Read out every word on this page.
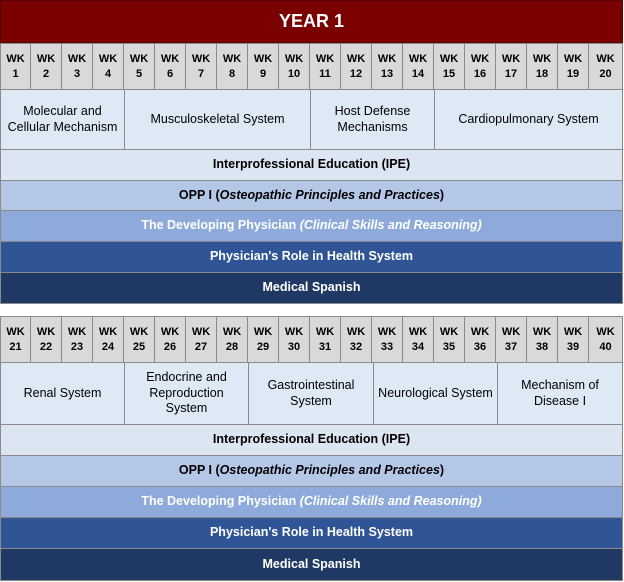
YEAR 1
Molecular and Cellular Mechanism
Musculoskeletal System
Host Defense Mechanisms
Cardiopulmonary System
Interprofessional Education (IPE)
OPP I ( Osteopathic Principles and Practices )
The Developing Physician (Clinical Skills and Reasoning)
Physician's Role in Health System
Medical Spanish
Renal System
Endocrine and Reproduction System
Gastrointestinal System
Neurological System
Mechanism of Disease I
Interprofessional Education (IPE)
OPP I ( Osteopathic Principles and Practices )
The Developing Physician (Clinical Skills and Reasoning)
Physician's Role in Health System
Medical Spanish
WK
1
WK
2
WK
3
WK
4
WK
5
WK
6
WK
7
WK
8
WK
9
WK
10
WK
11
WK
12
WK
13
WK
14
WK
15
WK
16
WK
17
WK
18
WK
19
WK
20
WK
21
WK
22
WK
23
WK
24
WK
25
WK
26
WK
27
WK
28
WK
29
WK
30
WK
31
WK
32
WK
33
WK
34
WK
35
WK
36
WK
37
WK
38
WK
39
WK
40
